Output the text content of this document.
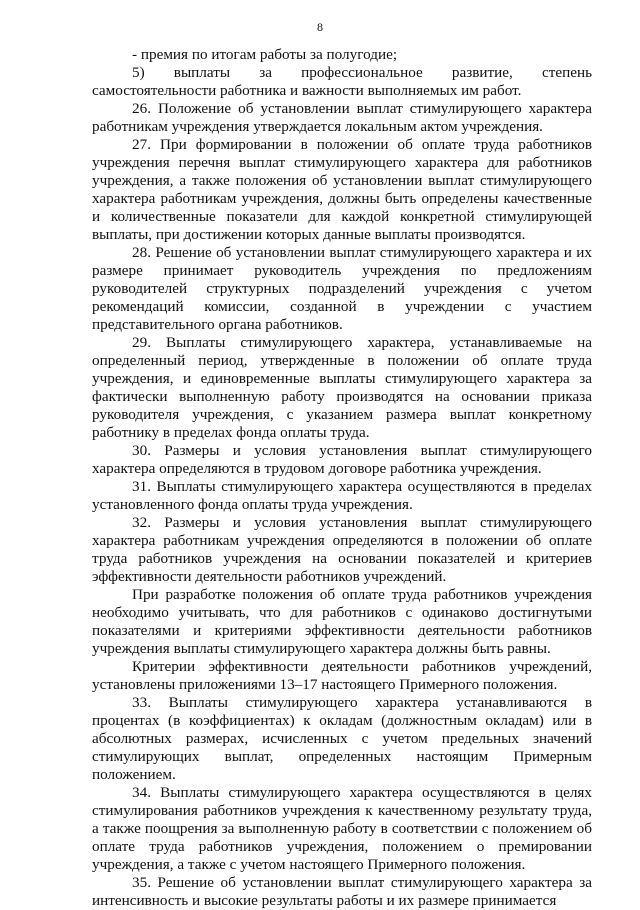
8

- премия по итогам работы за полугодие;

5) выплаты за профессиональное развитие, степень самостоятельности работника и важности выполняемых им работ.

26. Положение об установлении выплат стимулирующего характера работникам учреждения утверждается локальным актом учреждения.

27. При формировании в положении об оплате труда работников учреждения перечня выплат стимулирующего характера для работников учреждения, а также положения об установлении выплат стимулирующего характера работникам учреждения, должны быть определены качественные и количественные показатели для каждой конкретной стимулирующей выплаты, при достижении которых данные выплаты производятся.

28. Решение об установлении выплат стимулирующего характера и их размере принимает руководитель учреждения по предложениям руководителей структурных подразделений учреждения с учетом рекомендаций комиссии, созданной в учреждении с участием представительного органа работников.

29. Выплаты стимулирующего характера, устанавливаемые на определенный период, утвержденные в положении об оплате труда учреждения, и единовременные выплаты стимулирующего характера за фактически выполненную работу производятся на основании приказа руководителя учреждения, с указанием размера выплат конкретному работнику в пределах фонда оплаты труда.

30. Размеры и условия установления выплат стимулирующего характера определяются в трудовом договоре работника учреждения.

31. Выплаты стимулирующего характера осуществляются в пределах установленного фонда оплаты труда учреждения.

32. Размеры и условия установления выплат стимулирующего характера работникам учреждения определяются в положении об оплате труда работников учреждения на основании показателей и критериев эффективности деятельности работников учреждений.

При разработке положения об оплате труда работников учреждения необходимо учитывать, что для работников с одинаково достигнутыми показателями и критериями эффективности деятельности работников учреждения выплаты стимулирующего характера должны быть равны.

Критерии эффективности деятельности работников учреждений, установлены приложениями 13–17 настоящего Примерного положения.

33. Выплаты стимулирующего характера устанавливаются в процентах (в коэффициентах) к окладам (должностным окладам) или в абсолютных размерах, исчисленных с учетом предельных значений стимулирующих выплат, определенных настоящим Примерным положением.

34. Выплаты стимулирующего характера осуществляются в целях стимулирования работников учреждения к качественному результату труда, а также поощрения за выполненную работу в соответствии с положением об оплате труда работников учреждения, положением о премировании учреждения, а также с учетом настоящего Примерного положения.

35. Решение об установлении выплат стимулирующего характера за интенсивность и высокие результаты работы и их размере принимается
